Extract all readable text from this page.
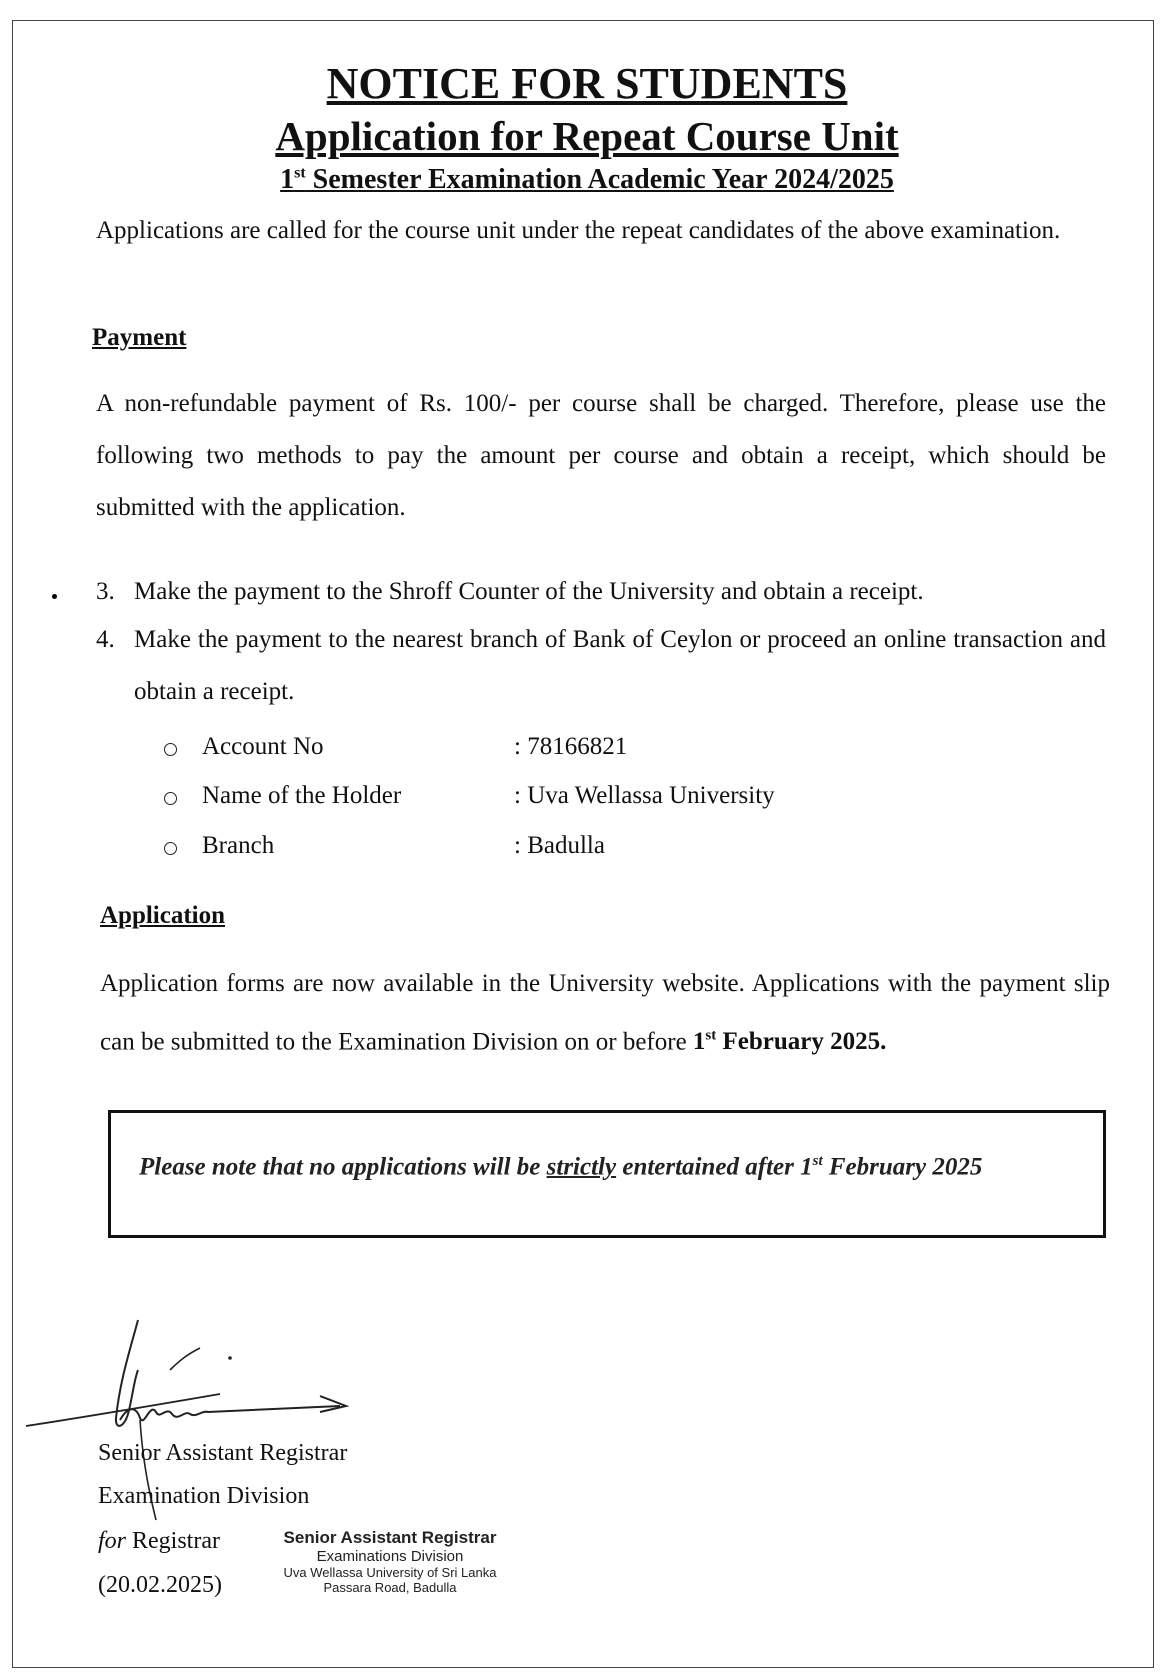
NOTICE FOR STUDENTS
Application for Repeat Course Unit
1st Semester Examination Academic Year 2024/2025
Applications are called for the course unit under the repeat candidates of the above examination.
Payment
A non-refundable payment of Rs. 100/- per course shall be charged. Therefore, please use the following two methods to pay the amount per course and obtain a receipt, which should be submitted with the application.
3. Make the payment to the Shroff Counter of the University and obtain a receipt.
4. Make the payment to the nearest branch of Bank of Ceylon or proceed an online transaction and obtain a receipt.
Account No	: 78166821
Name of the Holder	: Uva Wellassa University
Branch	: Badulla
Application
Application forms are now available in the University website. Applications with the payment slip can be submitted to the Examination Division on or before 1st February 2025.
Please note that no applications will be strictly entertained after 1st February 2025
Senior Assistant Registrar
Examination Division
for Registrar
(20.02.2025)
Senior Assistant Registrar
Examinations Division
Uva Wellassa University of Sri Lanka
Passara Road, Badulla
